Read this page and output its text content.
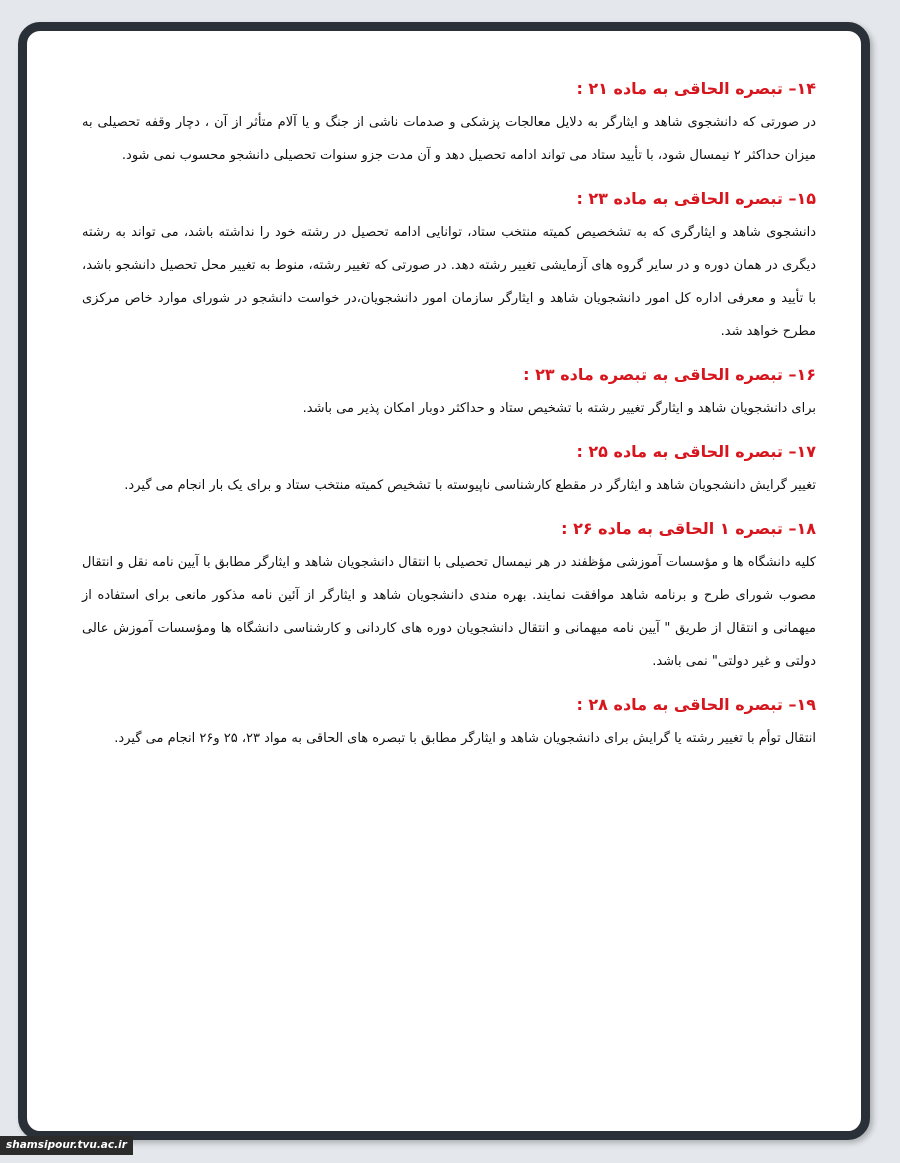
۱۴– تبصره الحاقی به ماده ۲۱ :

در صورتی که دانشجوی شاهد و ایثارگر به دلایل معالجات پزشکی و صدمات ناشی از جنگ و یا آلام متأثر از آن ، دچار وقفه تحصیلی به میزان حداکثر ۲ نیمسال شود، با تأیید ستاد می تواند ادامه تحصیل دهد و آن مدت جزو سنوات تحصیلی دانشجو محسوب نمی شود.

۱۵– تبصره الحاقی به ماده ۲۳ :

دانشجوی شاهد و ایثارگری که به تشخصیص کمیته منتخب ستاد، توانایی ادامه تحصیل در رشته خود را نداشته باشد، می تواند به رشته دیگری در همان دوره و در سایر گروه های آزمایشی تغییر رشته دهد. در صورتی که تغییر رشته، منوط به تغییر محل تحصیل دانشجو باشد، با تأیید و معرفی اداره کل امور دانشجویان شاهد و ایثارگر سازمان امور دانشجویان،در خواست دانشجو در شورای موارد خاص مرکزی مطرح خواهد شد.

۱۶– تبصره الحاقی به تبصره ماده ۲۳ :

برای دانشجویان شاهد و ایثارگر تغییر رشته با تشخیص ستاد و حداکثر دوبار امکان پذیر می باشد.

۱۷– تبصره الحاقی به ماده ۲۵ :

تغییر گرایش دانشجویان شاهد و ایثارگر در مقطع کارشناسی ناپیوسته با تشخیص کمیته منتخب ستاد و برای یک بار انجام می گیرد.

۱۸– تبصره ۱ الحاقی به ماده ۲۶ :

کلیه دانشگاه ها و مؤسسات آموزشی مؤظفند در هر نیمسال تحصیلی با انتقال دانشجویان شاهد و ایثارگر مطابق با آیین نامه نقل و انتقال مصوب شورای طرح و برنامه شاهد موافقت نمایند. بهره مندی دانشجویان شاهد و ایثارگر از آئین نامه مذکور مانعی برای استفاده از میهمانی و انتقال از طریق " آیین نامه میهمانی و انتقال دانشجویان دوره های کاردانی و کارشناسی دانشگاه ها ومؤسسات آموزش عالی دولتی و غیر دولتی" نمی باشد.

۱۹– تبصره الحاقی به ماده ۲۸ :

انتقال توأم با تغییر رشته یا گرایش برای دانشجویان شاهد و ایثارگر مطابق با تبصره های الحاقی به مواد ۲۳، ۲۵ و۲۶ انجام می گیرد.

shamsipour.tvu.ac.ir
